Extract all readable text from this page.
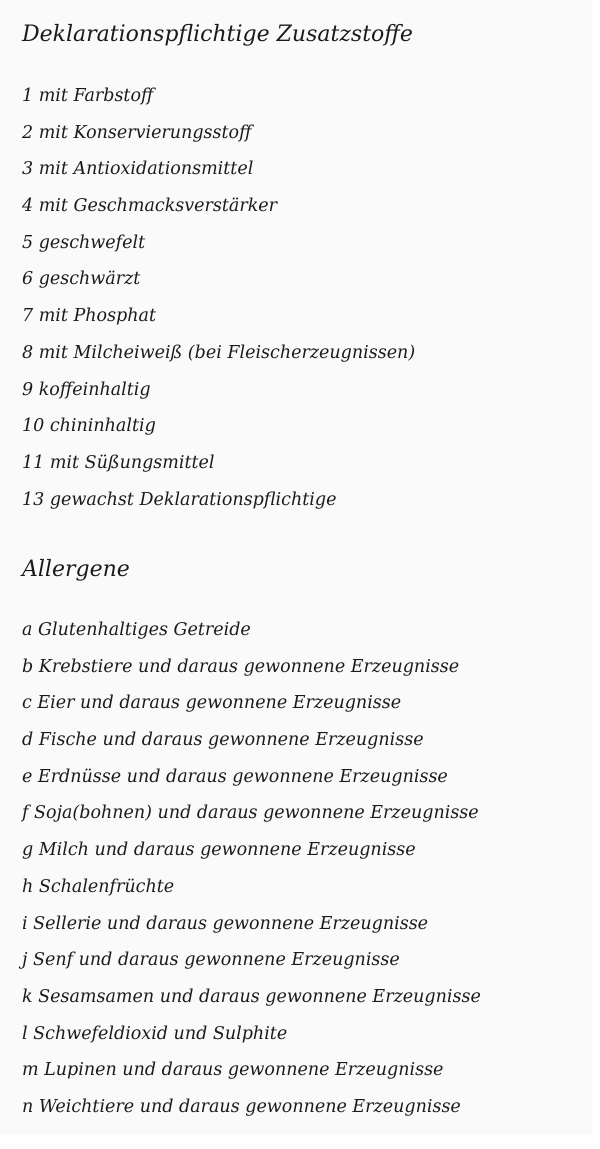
Deklarationspflichtige Zusatzstoffe
1 mit Farbstoff
2 mit Konservierungsstoff
3 mit Antioxidationsmittel
4 mit Geschmacksverstärker
5 geschwefelt
6 geschwärzt
7 mit Phosphat
8 mit Milcheiweiß (bei Fleischerzeugnissen)
9 koffeinhaltig
10 chininhaltig
11 mit Süßungsmittel
13 gewachst Deklarationspflichtige
Allergene
a Glutenhaltiges Getreide
b Krebstiere und daraus gewonnene Erzeugnisse
c Eier und daraus gewonnene Erzeugnisse
d Fische und daraus gewonnene Erzeugnisse
e Erdnüsse und daraus gewonnene Erzeugnisse
f Soja(bohnen) und daraus gewonnene Erzeugnisse
g Milch und daraus gewonnene Erzeugnisse
h Schalenfrüchte
i Sellerie und daraus gewonnene Erzeugnisse
j Senf und daraus gewonnene Erzeugnisse
k Sesamsamen und daraus gewonnene Erzeugnisse
l Schwefeldioxid und Sulphite
m Lupinen und daraus gewonnene Erzeugnisse
n Weichtiere und daraus gewonnene Erzeugnisse
